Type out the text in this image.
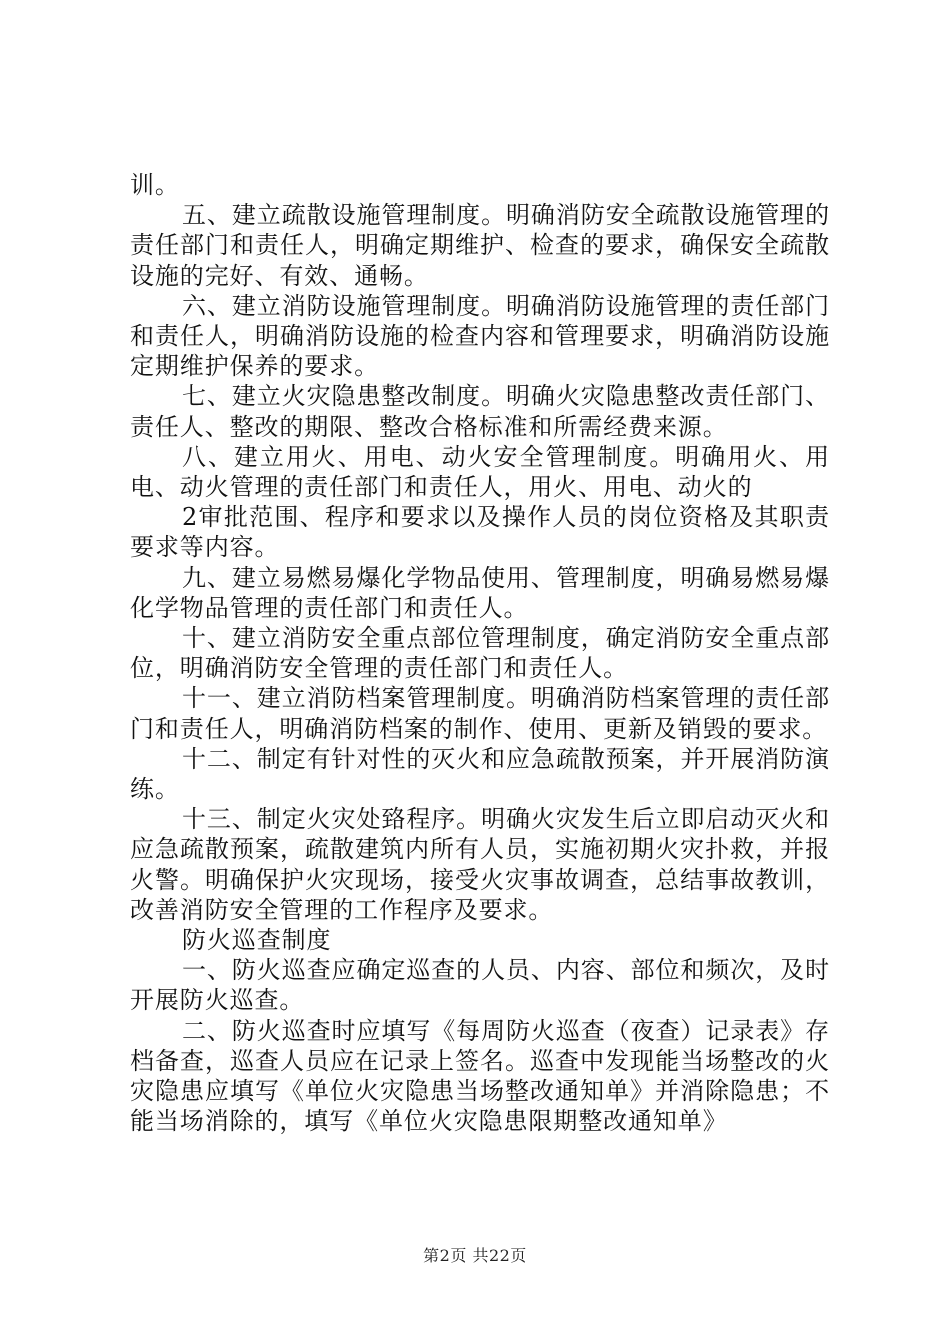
训。

五、建立疏散设施管理制度。明确消防安全疏散设施管理的责任部门和责任人，明确定期维护、检查的要求，确保安全疏散设施的完好、有效、通畅。

六、建立消防设施管理制度。明确消防设施管理的责任部门和责任人，明确消防设施的检查内容和管理要求，明确消防设施定期维护保养的要求。

七、建立火灾隐患整改制度。明确火灾隐患整改责任部门、责任人、整改的期限、整改合格标准和所需经费来源。

八、建立用火、用电、动火安全管理制度。明确用火、用电、动火管理的责任部门和责任人，用火、用电、动火的

2审批范围、程序和要求以及操作人员的岗位资格及其职责要求等内容。

九、建立易燃易爆化学物品使用、管理制度，明确易燃易爆化学物品管理的责任部门和责任人。

十、建立消防安全重点部位管理制度，确定消防安全重点部位，明确消防安全管理的责任部门和责任人。

十一、建立消防档案管理制度。明确消防档案管理的责任部门和责任人，明确消防档案的制作、使用、更新及销毁的要求。

十二、制定有针对性的灭火和应急疏散预案，并开展消防演练。

十三、制定火灾处臵程序。明确火灾发生后立即启动灭火和应急疏散预案，疏散建筑内所有人员，实施初期火灾扑救，并报火警。明确保护火灾现场，接受火灾事故调查，总结事故教训，改善消防安全管理的工作程序及要求。

防火巡查制度

一、防火巡查应确定巡查的人员、内容、部位和频次，及时开展防火巡查。

二、防火巡查时应填写《每周防火巡查（夜查）记录表》存档备查，巡查人员应在记录上签名。巡查中发现能当场整改的火灾隐患应填写《单位火灾隐患当场整改通知单》并消除隐患；不能当场消除的，填写《单位火灾隐患限期整改通知单》

第2页 共22页
